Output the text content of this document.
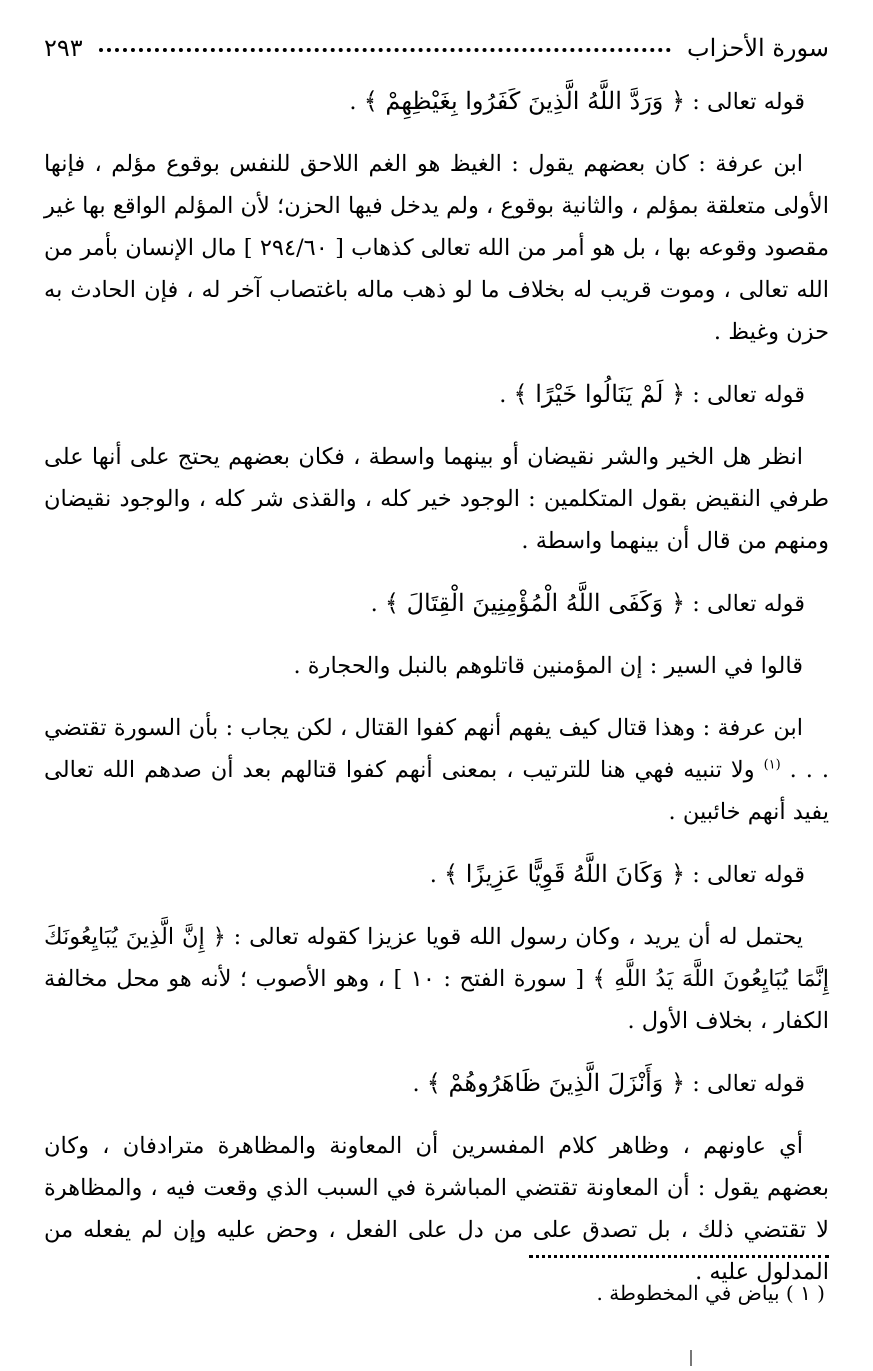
سورة الأحزاب
٢٩٣
قوله تعالى : ﴿ وَرَدَّ اللَّهُ الَّذِينَ كَفَرُوا بِغَيْظِهِمْ ﴾ .

ابن عرفة : كان بعضهم يقول : الغيظ هو الغم اللاحق للنفس بوقوع مؤلم ، فإنها الأولى متعلقة بمؤلم ، والثانية بوقوع ، ولم يدخل فيها الحزن؛ لأن المؤلم الواقع بها غير مقصود وقوعه بها ، بل هو أمر من الله تعالى كذهاب [ ٢٩٤/٦٠ ] مال الإنسان بأمر من الله تعالى ، وموت قريب له بخلاف ما لو ذهب ماله باغتصاب آخر له ، فإن الحادث به حزن وغيظ .

قوله تعالى : ﴿ لَمْ يَنَالُوا خَيْرًا ﴾ .

انظر هل الخير والشر نقيضان أو بينهما واسطة ، فكان بعضهم يحتج على أنها على طرفي النقيض بقول المتكلمين : الوجود خير كله ، والقذى شر كله ، والوجود نقيضان ومنهم من قال أن بينهما واسطة .

قوله تعالى : ﴿ وَكَفَى اللَّهُ الْمُؤْمِنِينَ الْقِتَالَ ﴾ .

قالوا في السير : إن المؤمنين قاتلوهم بالنبل والحجارة .

ابن عرفة : وهذا قتال كيف يفهم أنهم كفوا القتال ، لكن يجاب : بأن السورة تقتضي . . . $^{(١)}$ ولا تنبيه فهي هنا للترتيب ، بمعنى أنهم كفوا قتالهم بعد أن صدهم الله تعالى يفيد أنهم خائبين .

قوله تعالى : ﴿ وَكَانَ اللَّهُ قَوِيًّا عَزِيزًا ﴾ .

يحتمل له أن يريد ، وكان رسول الله قويا عزيزا كقوله تعالى : ﴿ إِنَّ الَّذِينَ يُبَايِعُونَكَ إِنَّمَا يُبَايِعُونَ اللَّهَ يَدُ اللَّهِ ﴾ [ سورة الفتح : ١٠ ] ، وهو الأصوب ؛ لأنه هو محل مخالفة الكفار ، بخلاف الأول .

قوله تعالى : ﴿ وَأَنْزَلَ الَّذِينَ ظَاهَرُوهُمْ ﴾ .

أي عاونهم ، وظاهر كلام المفسرين أن المعاونة والمظاهرة مترادفان ، وكان بعضهم يقول : أن المعاونة تقتضي المباشرة في السبب الذي وقعت فيه ، والمظاهرة لا تقتضي ذلك ، بل تصدق على من دل على الفعل ، وحض عليه وإن لم يفعله من المدلول عليه .

( ١ ) بياض في المخطوطة .
